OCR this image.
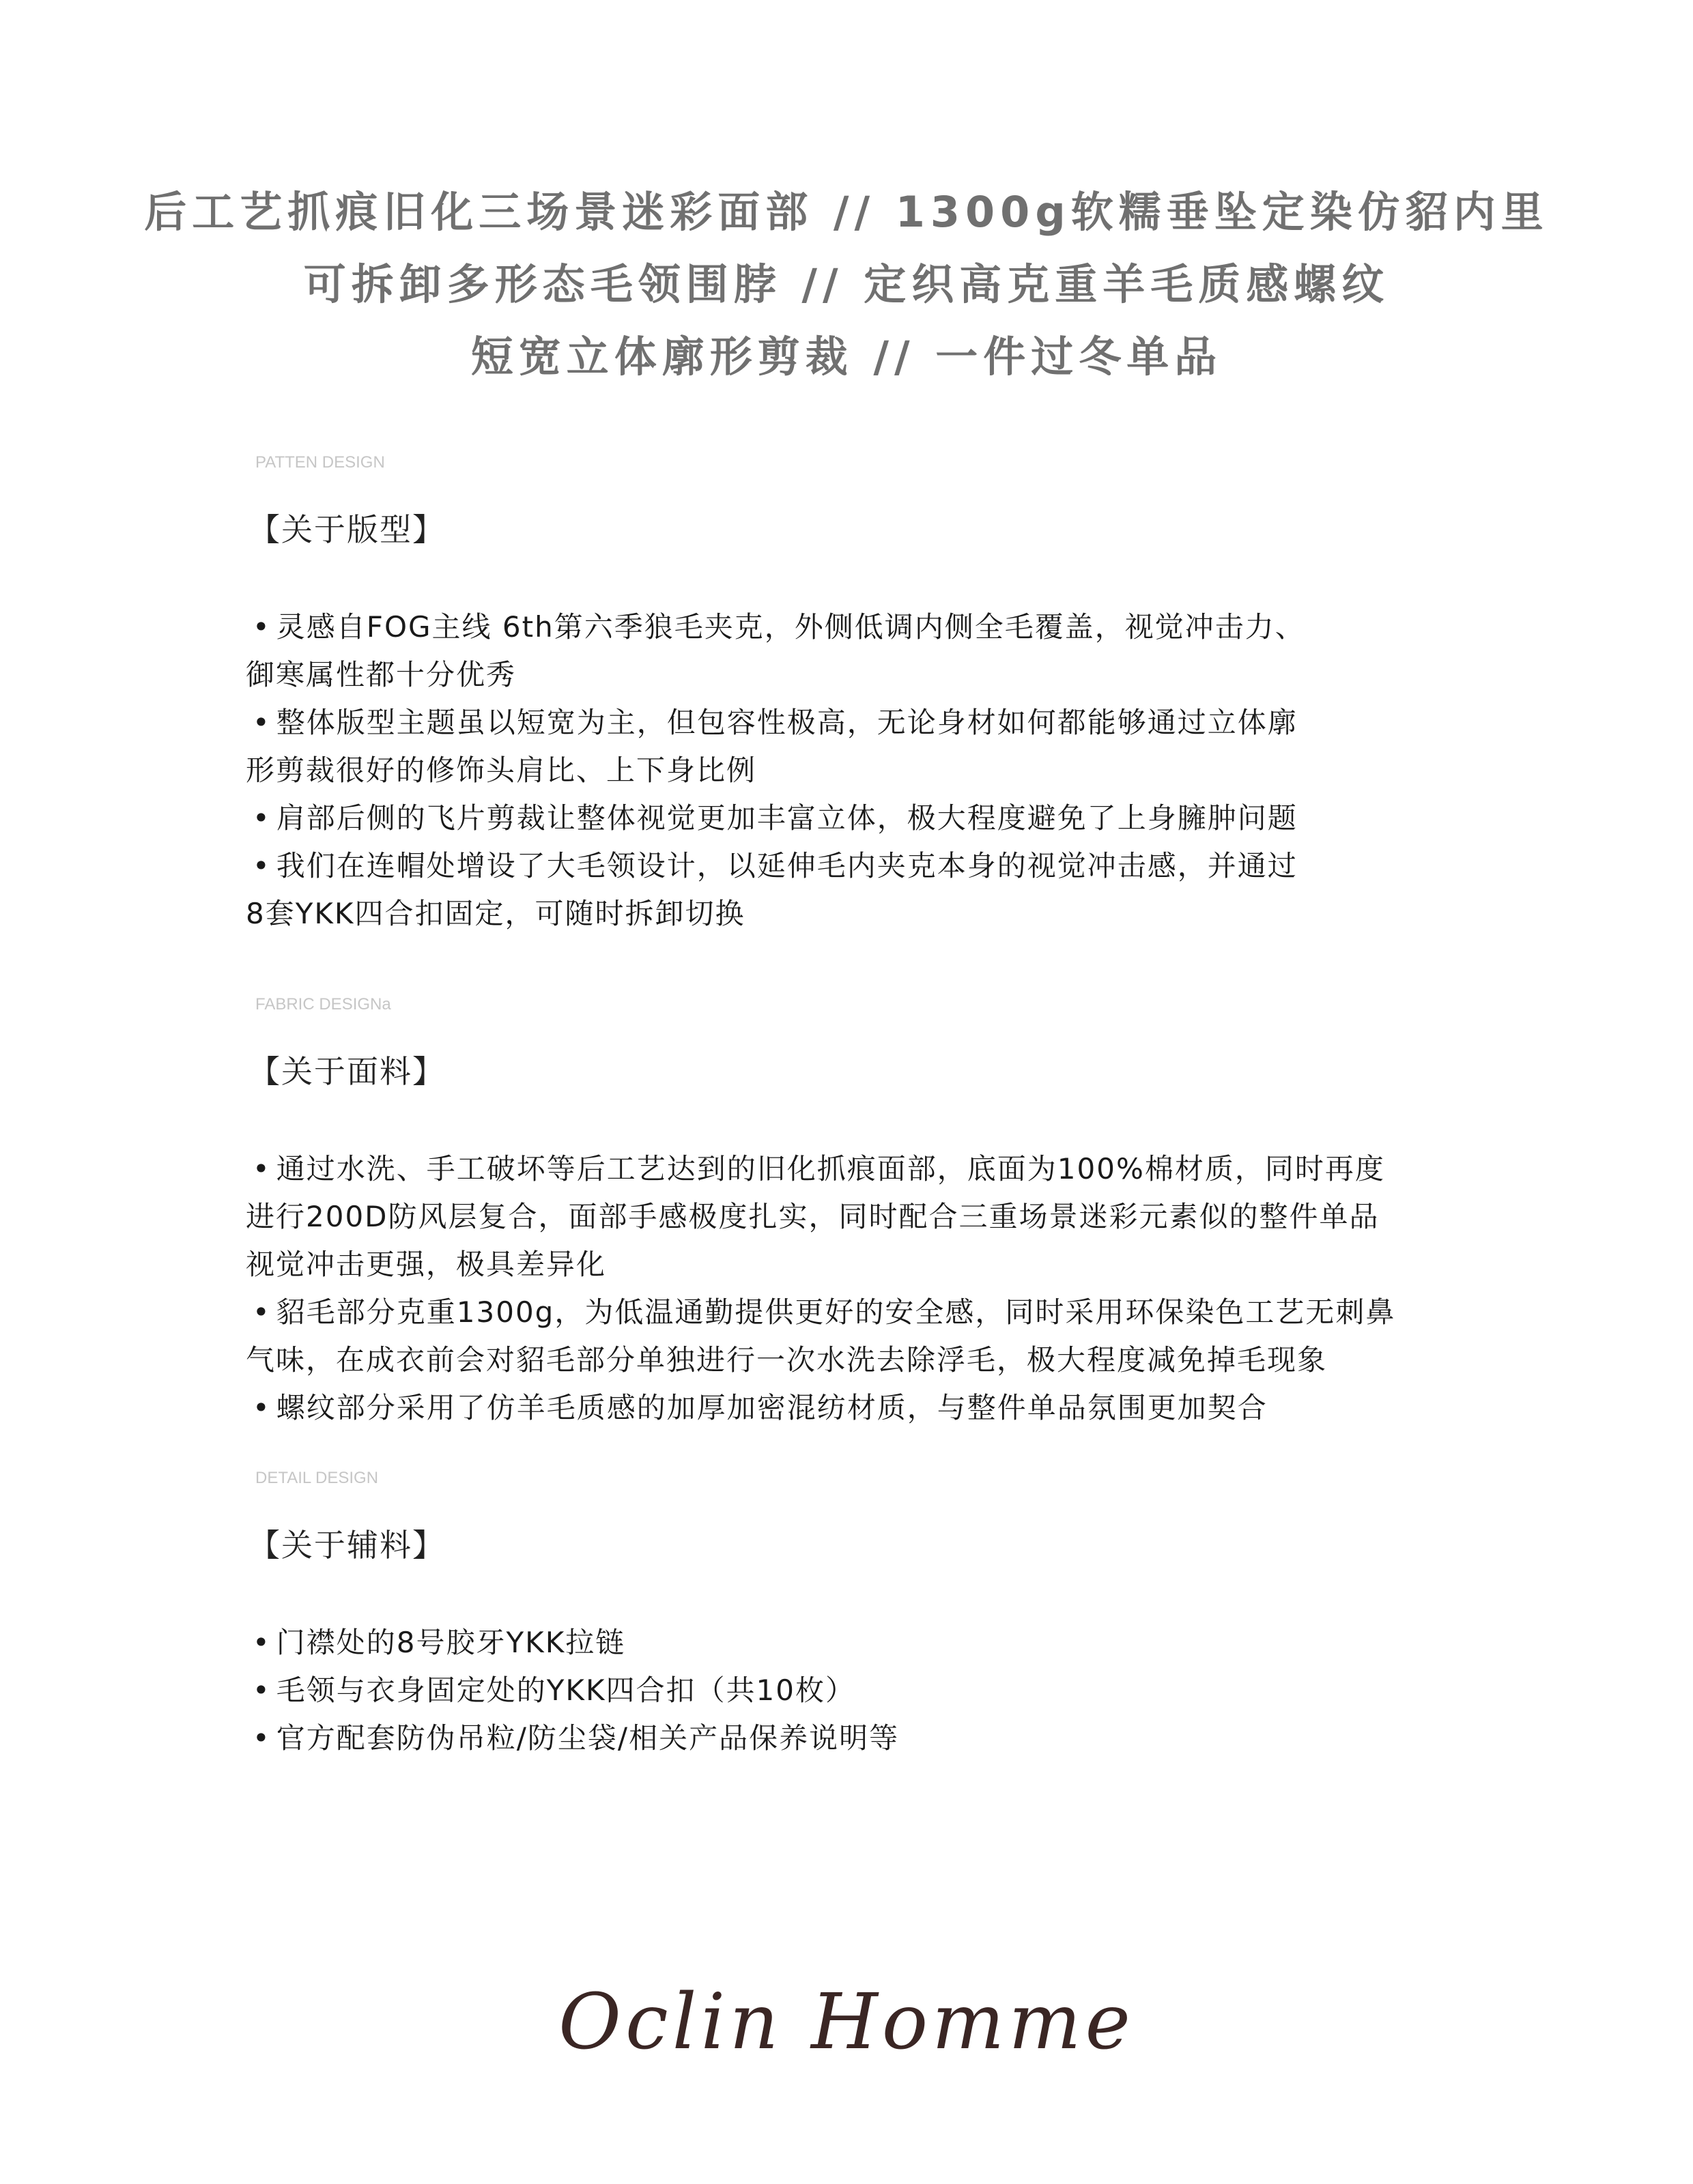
后工艺抓痕旧化三场景迷彩面部 // 1300g软糯垂坠定染仿貂内里
可拆卸多形态毛领围脖 // 定织高克重羊毛质感螺纹
短宽立体廓形剪裁 // 一件过冬单品
PATTEN DESIGN
【关于版型】
• 灵感自FOG主线 6th第六季狼毛夹克，外侧低调内侧全毛覆盖，视觉冲击力、
御寒属性都十分优秀
• 整体版型主题虽以短宽为主，但包容性极高，无论身材如何都能够通过立体廓
形剪裁很好的修饰头肩比、上下身比例
• 肩部后侧的飞片剪裁让整体视觉更加丰富立体，极大程度避免了上身臃肿问题
• 我们在连帽处增设了大毛领设计，以延伸毛内夹克本身的视觉冲击感，并通过
8套YKK四合扣固定，可随时拆卸切换
FABRIC DESIGNa
【关于面料】
• 通过水洗、手工破坏等后工艺达到的旧化抓痕面部，底面为100%棉材质，同时再度
进行200D防风层复合，面部手感极度扎实，同时配合三重场景迷彩元素似的整件单品
视觉冲击更强，极具差异化
• 貂毛部分克重1300g，为低温通勤提供更好的安全感，同时采用环保染色工艺无刺鼻
气味，在成衣前会对貂毛部分单独进行一次水洗去除浮毛，极大程度减免掉毛现象
• 螺纹部分采用了仿羊毛质感的加厚加密混纺材质，与整件单品氛围更加契合
DETAIL DESIGN
【关于辅料】
• 门襟处的8号胶牙YKK拉链
• 毛领与衣身固定处的YKK四合扣（共10枚）
• 官方配套防伪吊粒/防尘袋/相关产品保养说明等
Oclin Homme
